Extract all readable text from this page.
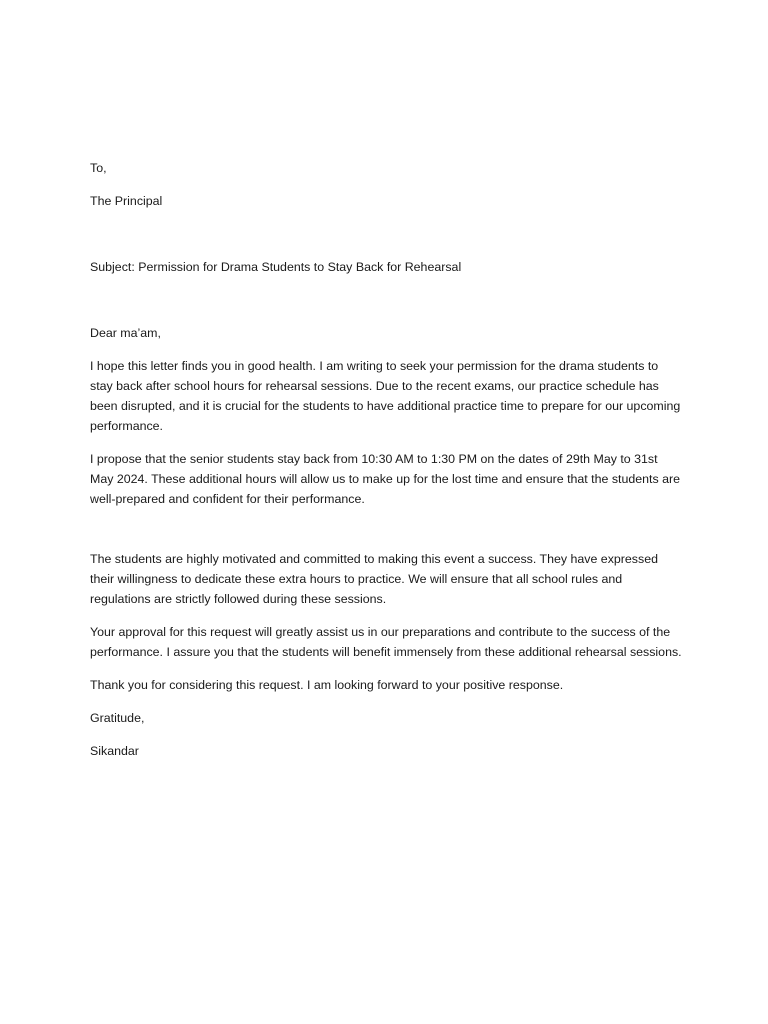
To,

The Principal

Subject: Permission for Drama Students to Stay Back for Rehearsal

Dear ma’am,

I hope this letter finds you in good health. I am writing to seek your permission for the drama students to stay back after school hours for rehearsal sessions. Due to the recent exams, our practice schedule has been disrupted, and it is crucial for the students to have additional practice time to prepare for our upcoming performance.

I propose that the senior students stay back from 10:30 AM to 1:30 PM on the dates of 29th May to 31st May 2024. These additional hours will allow us to make up for the lost time and ensure that the students are well-prepared and confident for their performance.

The students are highly motivated and committed to making this event a success. They have expressed their willingness to dedicate these extra hours to practice. We will ensure that all school rules and regulations are strictly followed during these sessions.

Your approval for this request will greatly assist us in our preparations and contribute to the success of the performance. I assure you that the students will benefit immensely from these additional rehearsal sessions.

Thank you for considering this request. I am looking forward to your positive response.

Gratitude,

Sikandar
